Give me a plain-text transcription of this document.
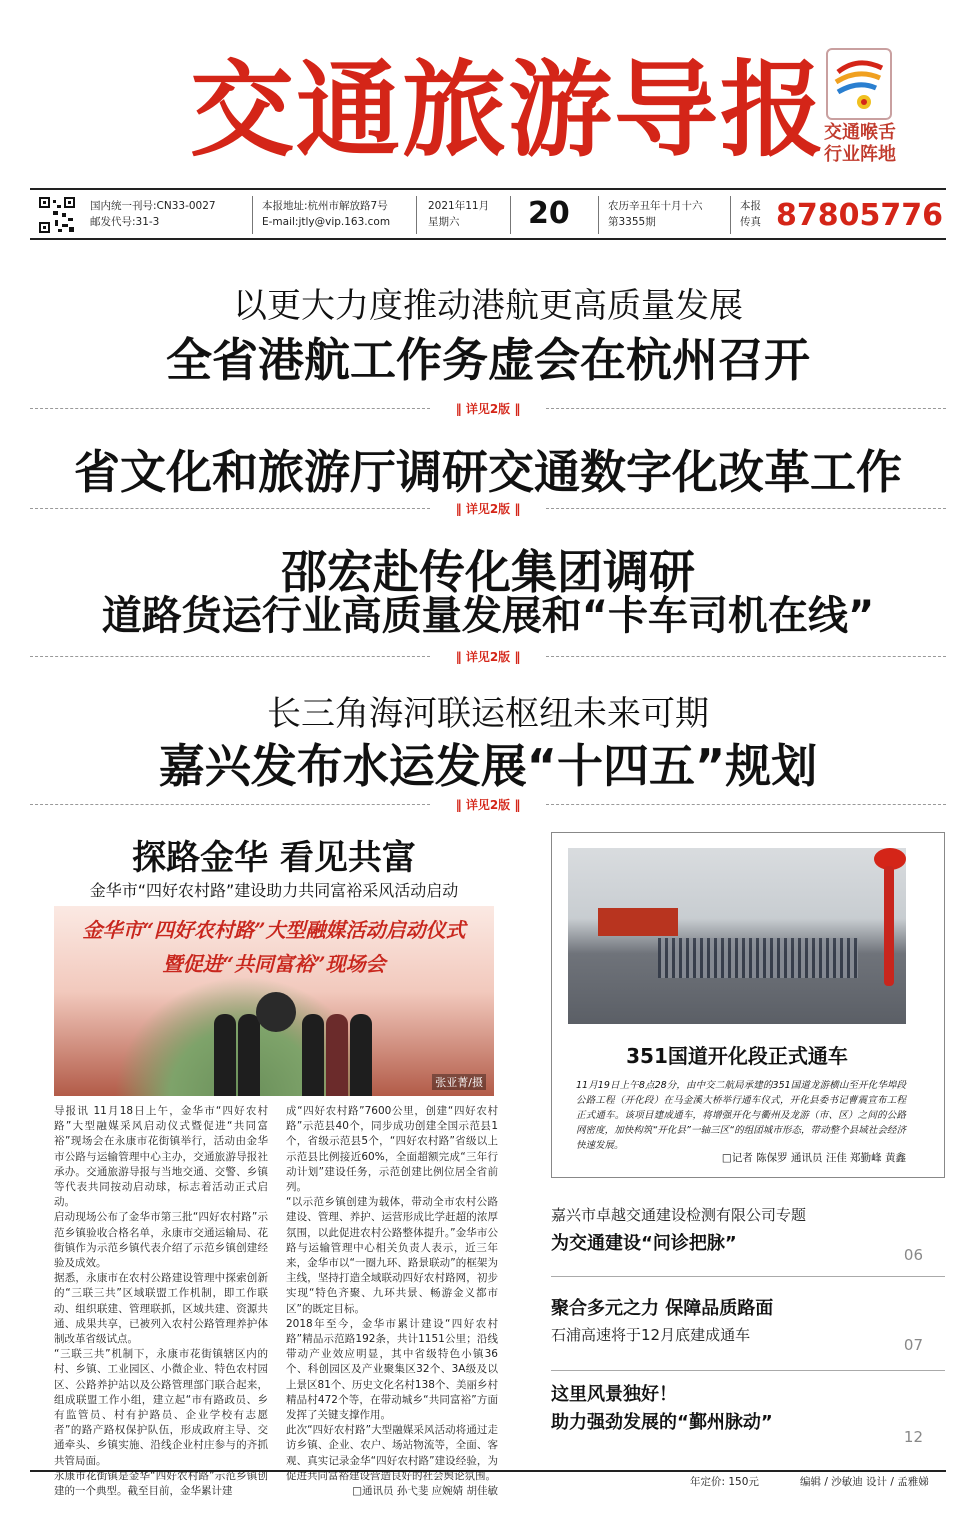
交通旅游导报
交通喉舌
行业阵地
国内统一刊号:CN33-0027
邮发代号:31-3
本报地址:杭州市解放路7号
E-mail:jtly@vip.163.com
2021年11月
星期六	20	农历辛丑年十月十六
第3355期
本报
传真 87805776
以更大力度推动港航更高质量发展
全省港航工作务虚会在杭州召开
‖ 详见2版 ‖
省文化和旅游厅调研交通数字化改革工作
‖ 详见2版 ‖
邵宏赴传化集团调研
道路货运行业高质量发展和“卡车司机在线”
‖ 详见2版 ‖
长三角海河联运枢纽未来可期
嘉兴发布水运发展“十四五”规划
‖ 详见2版 ‖
探路金华 看见共富
金华市“四好农村路”建设助力共同富裕采风活动启动
金华市“四好农村路”大型融媒活动启动仪式
暨促进“共同富裕”现场会
张亚菁/摄

导报讯 11月18日上午，金华市“四好农村路”大型融媒采风启动仪式暨促进“共同富裕”现场会在永康市花街镇举行，活动由金华市公路与运输管理中心主办，交通旅游导报社承办。交通旅游导报与当地交通、交警、乡镇等代表共同按动启动球，标志着活动正式启动。

启动现场公布了金华市第三批“四好农村路”示范乡镇验收合格名单，永康市交通运输局、花街镇作为示范乡镇代表介绍了示范乡镇创建经验及成效。

据悉，永康市在农村公路建设管理中探索创新的“三联三共”区域联盟工作机制，即工作联动、组织联建、管理联抓，区域共建、资源共通、成果共享，已被列入农村公路管理养护体制改革省级试点。

“三联三共”机制下，永康市花街镇辖区内的村、乡镇、工业园区、小微企业、特色农村园区、公路养护站以及公路管理部门联合起来，组成联盟工作小组，建立起“市有路政员、乡有监管员、村有护路员、企业学校有志愿者”的路产路权保护队伍，形成政府主导、交通牵头、乡镇实施、沿线企业村庄参与的齐抓共管局面。

永康市花街镇是金华“四好农村路”示范乡镇创建的一个典型。截至目前，金华累计建

成“四好农村路”7600公里，创建“四好农村路”示范县40个，同步成功创建全国示范县1个，省级示范县5个，“四好农村路”省级以上示范县比例接近60%，全面超额完成“三年行动计划”建设任务，示范创建比例位居全省前列。

“以示范乡镇创建为载体，带动全市农村公路建设、管理、养护、运营形成比学赶超的浓厚氛围，以此促进农村公路整体提升。”金华市公路与运输管理中心相关负责人表示，近三年来，金华市以“一圈九环、路景联动”的框架为主线，坚持打造全域联动四好农村路网，初步实现“特色齐聚、九环共景、畅游金义都市区”的既定目标。

2018年至今，金华市累计建设“四好农村路”精品示范路192条，共计1151公里；沿线带动产业效应明显，其中省级特色小镇36个、科创园区及产业聚集区32个、3A级及以上景区81个、历史文化名村138个、美丽乡村精品村472个等，在带动城乡“共同富裕”方面发挥了关键支撑作用。

此次“四好农村路”大型融媒采风活动将通过走访乡镇、企业、农户、场站物流等，全面、客观、真实记录金华“四好农村路”建设经验，为促进共同富裕建设营造良好的社会舆论氛围。

□通讯员 孙弋斐 应婉婧 胡佳敏

351国道开化段正式通车
11月19日上午8点28分，由中交二航局承建的351国道龙游横山至开化华埠段公路工程（开化段）在马金溪大桥举行通车仪式，开化县委书记曹震宣布工程正式通车。该项目建成通车，将增强开化与衢州及龙游（市、区）之间的公路网密度，加快构筑“开化县”一轴三区“的组团城市形态，带动整个县域社会经济快速发展。
□记者 陈保罗 通讯员 汪佳 郑勤峰 黄鑫
嘉兴市卓越交通建设检测有限公司专题
为交通建设“问诊把脉”
06
聚合多元之力 保障品质路面
石浦高速将于12月底建成通车
07
这里风景独好！
助力强劲发展的“鄞州脉动”
12
年定价: 150元	编辑 / 沙敏迪 设计 / 孟雅娣
